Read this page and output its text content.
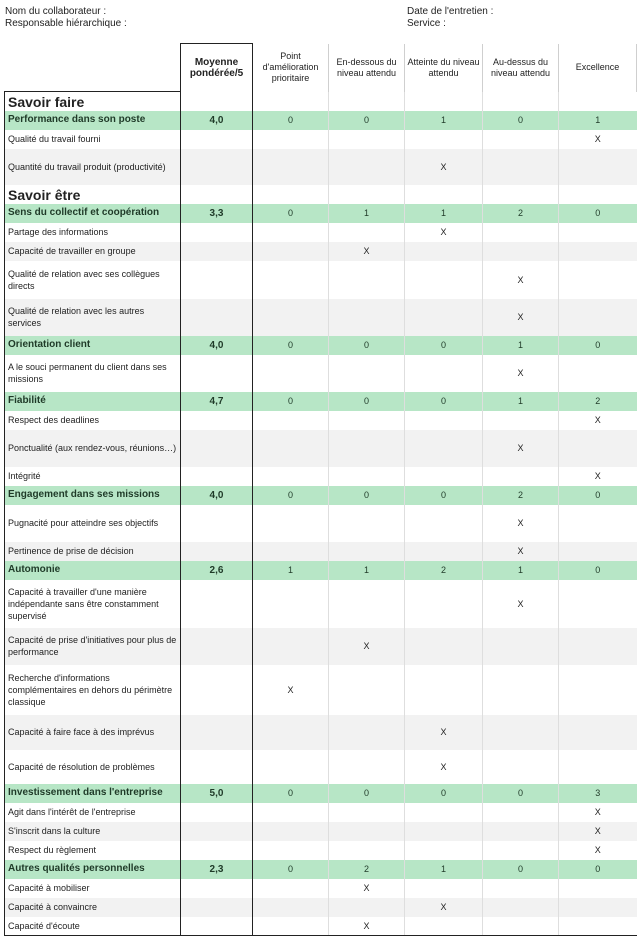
Nom du collaborateur :
Responsable hiérarchique :
Date de l'entretien :
Service :
	Moyenne pondérée/5	Point d'amélioration prioritaire	En-dessous du niveau attendu	Atteinte du niveau attendu	Au-dessus du niveau attendu	Excellence
Savoir faire						
Performance dans son poste	4,0	0	0	1	0	1
Qualité du travail fourni						X
Quantité du travail produit (productivité)				X		
Savoir être						
Sens du collectif et coopération	3,3	0	1	1	2	0
Partage des informations				X		
Capacité de travailler en groupe			X			
Qualité de relation avec ses collègues directs					X	
Qualité de relation avec les autres services					X	
Orientation client	4,0	0	0	0	1	0
A le souci permanent du client dans ses missions					X	
Fiabilité	4,7	0	0	0	1	2
Respect des deadlines						X
Ponctualité (aux rendez-vous, réunions…)					X	
Intégrité						X
Engagement dans ses missions	4,0	0	0	0	2	0
Pugnacité pour atteindre ses objectifs					X	
Pertinence de prise de décision					X	
Automonie	2,6	1	1	2	1	0
Capacité à travailler d'une manière indépendante sans être constamment supervisé					X	
Capacité de prise d'initiatives pour plus de performance			X			
Recherche d'informations complémentaires en dehors du périmètre classique		X				
Capacité à faire face à des imprévus				X		
Capacité de résolution de problèmes				X		
Investissement dans l'entreprise	5,0	0	0	0	0	3
Agit dans l'intérêt de l'entreprise						X
S'inscrit dans la culture						X
Respect du règlement						X
Autres qualités personnelles	2,3	0	2	1	0	0
Capacité à mobiliser			X			
Capacité à convaincre				X		
Capacité d'écoute			X			
